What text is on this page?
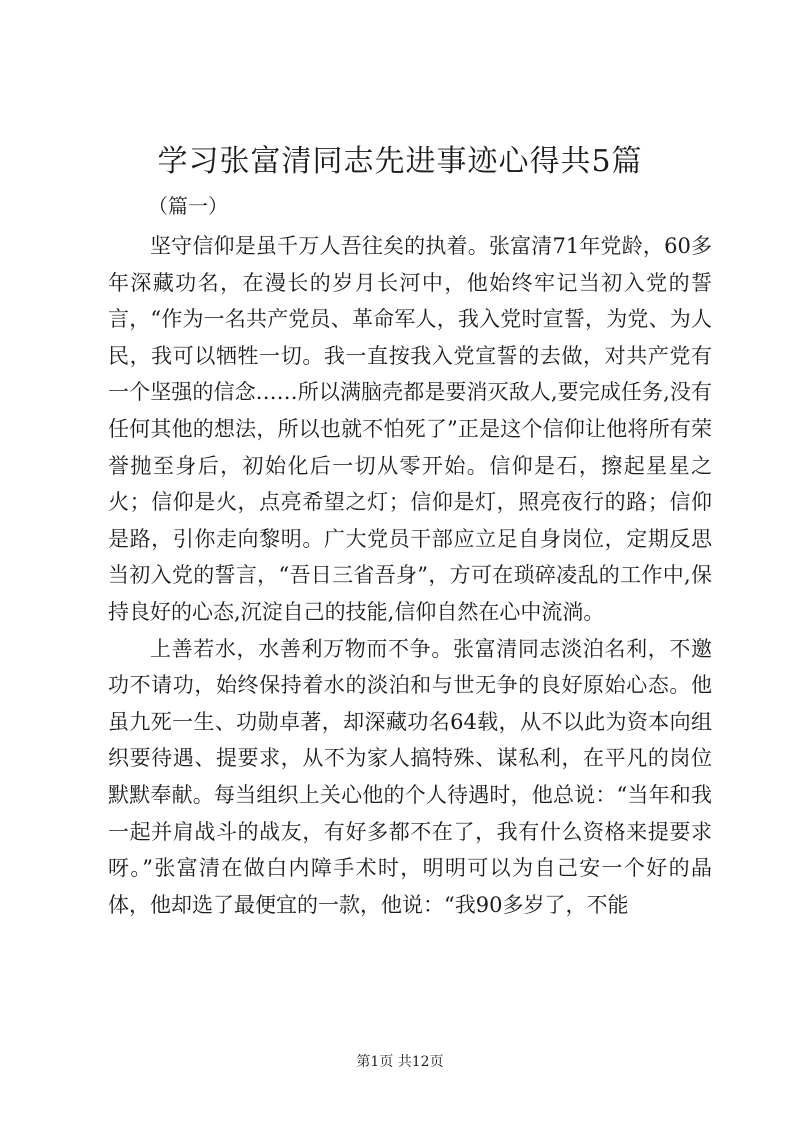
学习张富清同志先进事迹心得共5篇
（篇一）

坚守信仰是虽千万人吾往矣的执着。张富清71年党龄，60多年深藏功名，在漫长的岁月长河中，他始终牢记当初入党的誓言，“作为一名共产党员、革命军人，我入党时宣誓，为党、为人民，我可以牺牲一切。我一直按我入党宣誓的去做，对共产党有一个坚强的信念……所以满脑壳都是要消灭敌人,要完成任务,没有任何其他的想法，所以也就不怕死了”正是这个信仰让他将所有荣誉抛至身后，初始化后一切从零开始。信仰是石，擦起星星之火；信仰是火，点亮希望之灯；信仰是灯，照亮夜行的路；信仰是路，引你走向黎明。广大党员干部应立足自身岗位，定期反思当初入党的誓言，“吾日三省吾身”，方可在琐碎凌乱的工作中,保持良好的心态,沉淀自己的技能,信仰自然在心中流淌。

上善若水，水善利万物而不争。张富清同志淡泊名利，不邀功不请功，始终保持着水的淡泊和与世无争的良好原始心态。他虽九死一生、功勋卓著，却深藏功名64载，从不以此为资本向组织要待遇、提要求，从不为家人搞特殊、谋私利，在平凡的岗位默默奉献。每当组织上关心他的个人待遇时，他总说：“当年和我一起并肩战斗的战友，有好多都不在了，我有什么资格来提要求呀。”张富清在做白内障手术时，明明可以为自己安一个好的晶体，他却选了最便宜的一款，他说：“我90多岁了，不能

第1页 共12页
